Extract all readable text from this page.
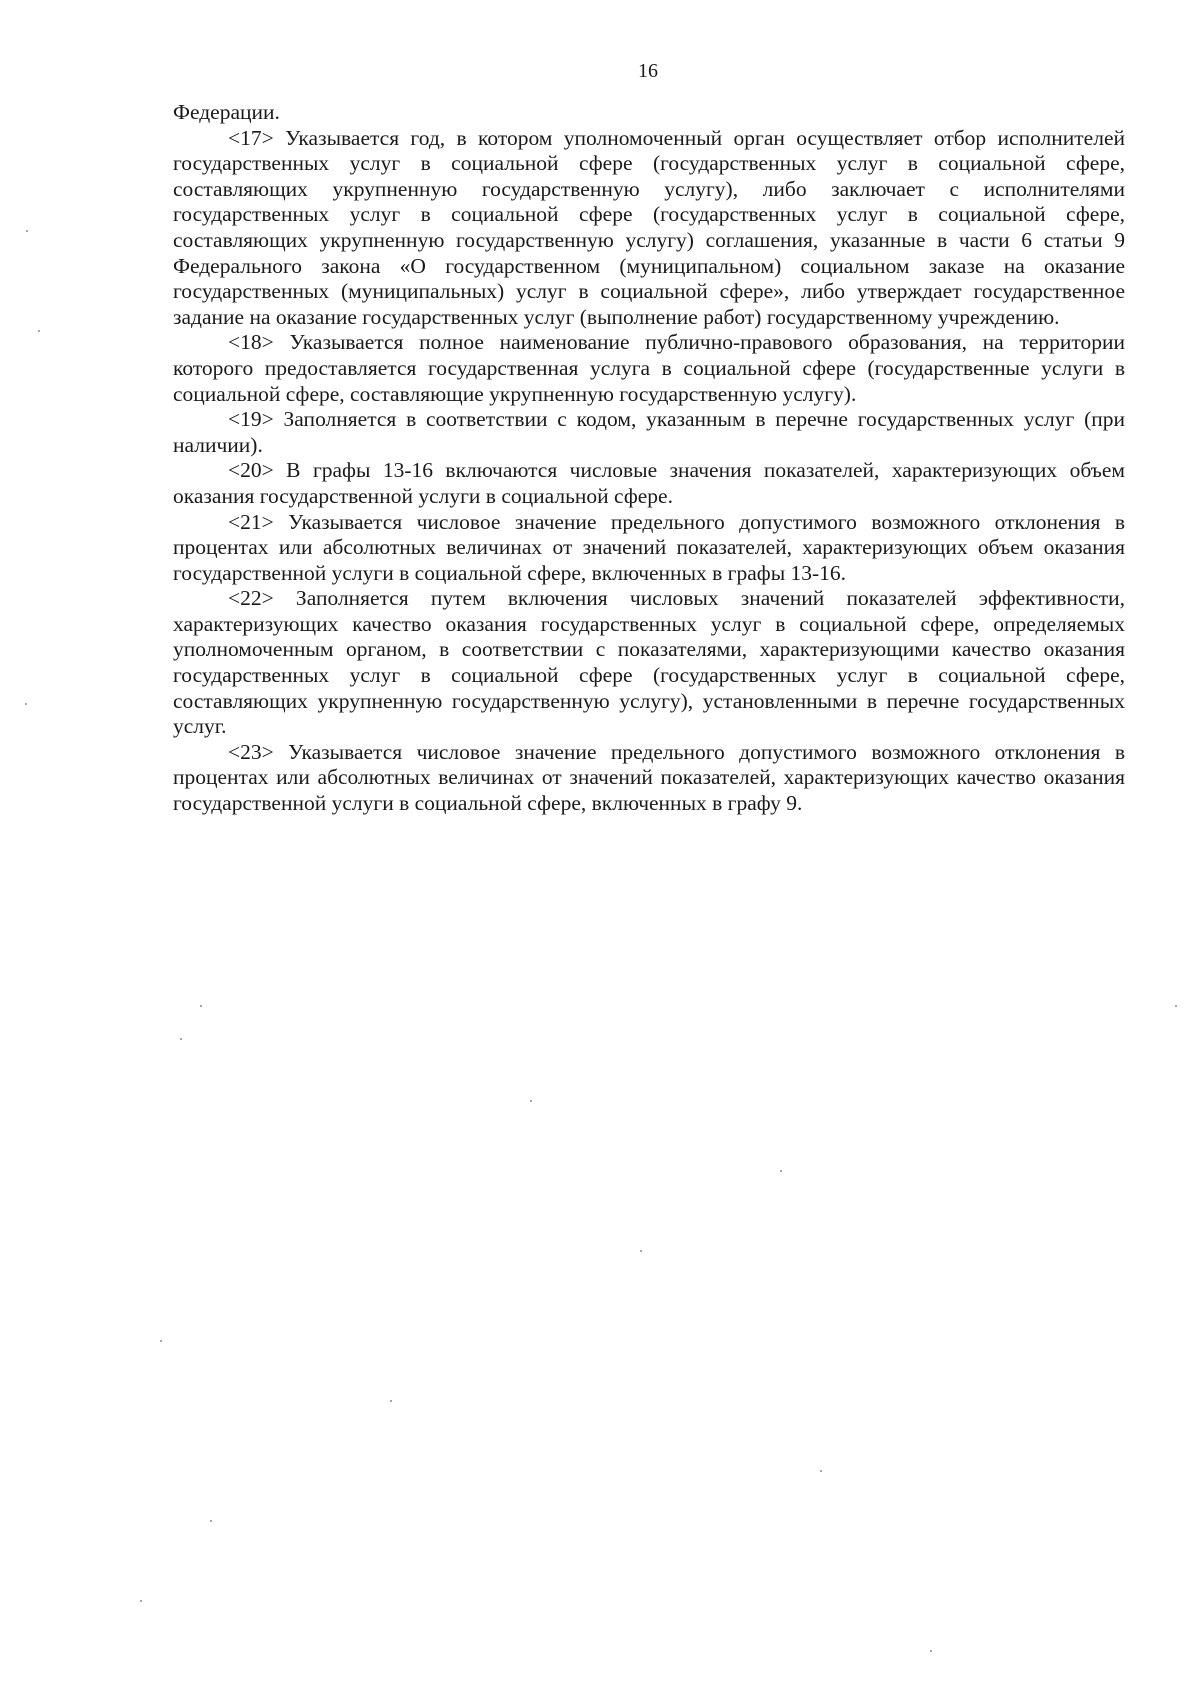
16

Федерации.

<17> Указывается год, в котором уполномоченный орган осуществляет отбор исполнителей государственных услуг в социальной сфере (государственных услуг в социальной сфере, составляющих укрупненную государственную услугу), либо заключает с исполнителями государственных услуг в социальной сфере (государственных услуг в социальной сфере, составляющих укрупненную государственную услугу) соглашения, указанные в части 6 статьи 9 Федерального закона «О государственном (муниципальном) социальном заказе на оказание государственных (муниципальных) услуг в социальной сфере», либо утверждает государственное задание на оказание государственных услуг (выполнение работ) государственному учреждению.

<18> Указывается полное наименование публично-правового образования, на территории которого предоставляется государственная услуга в социальной сфере (государственные услуги в социальной сфере, составляющие укрупненную государственную услугу).

<19> Заполняется в соответствии с кодом, указанным в перечне государственных услуг (при наличии).

<20> В графы 13-16 включаются числовые значения показателей, характеризующих объем оказания государственной услуги в социальной сфере.

<21> Указывается числовое значение предельного допустимого возможного отклонения в процентах или абсолютных величинах от значений показателей, характеризующих объем оказания государственной услуги в социальной сфере, включенных в графы 13-16.

<22> Заполняется путем включения числовых значений показателей эффективности, характеризующих качество оказания государственных услуг в социальной сфере, определяемых уполномоченным органом, в соответствии с показателями, характеризующими качество оказания государственных услуг в социальной сфере (государственных услуг в социальной сфере, составляющих укрупненную государственную услугу), установленными в перечне государственных услуг.

<23> Указывается числовое значение предельного допустимого возможного отклонения в процентах или абсолютных величинах от значений показателей, характеризующих качество оказания государственной услуги в социальной сфере, включенных в графу 9.
